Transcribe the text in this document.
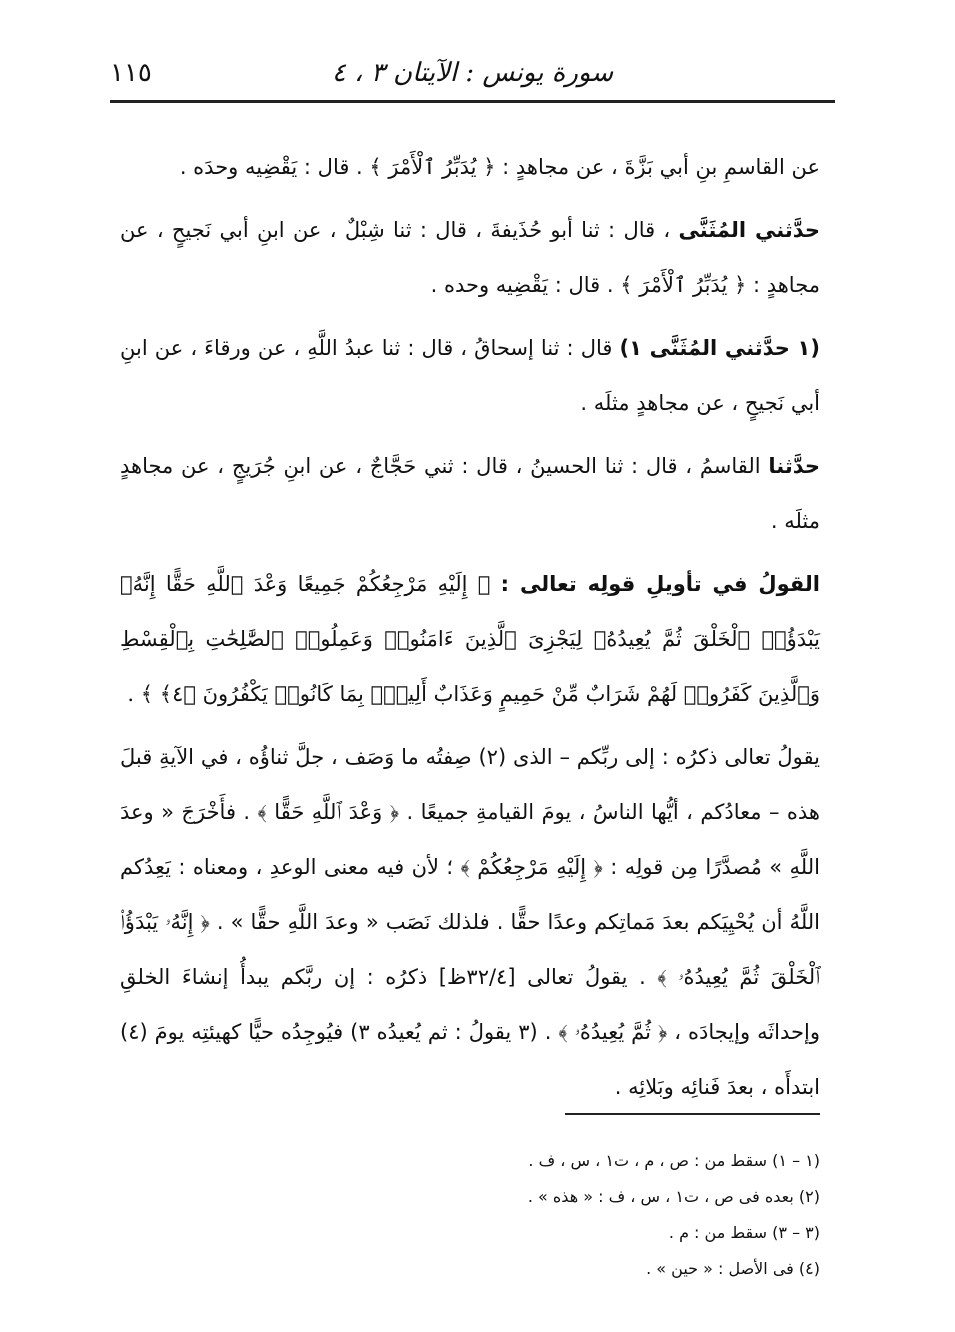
سورة يونس : الآيتان ٣ ، ٤
١١٥

عن القاسمِ بنِ أبي بَزَّةَ ، عن مجاهدٍ : ﴿ يُدَبِّرُ ٱلْأَمْرَ ﴾ . قال : يَقْضِيه وحدَه .

حدَّثني المُثَنَّى ، قال : ثنا أبو حُذَيفةَ ، قال : ثنا شِبْلٌ ، عن ابنِ أبي نَجيحٍ ، عن مجاهدٍ : ﴿ يُدَبِّرُ ٱلْأَمْرَ ﴾ . قال : يَقْضِيه وحده .

(١ حدَّثني المُثَنَّى ١) قال : ثنا إسحاقُ ، قال : ثنا عبدُ اللَّهِ ، عن ورقاءَ ، عن ابنِ أبي نَجيحٍ ، عن مجاهدٍ مثلَه .

حدَّثنا القاسمُ ، قال : ثنا الحسينُ ، قال : ثني حَجَّاجٌ ، عن ابنِ جُرَيجٍ ، عن مجاهدٍ مثلَه .

القولُ في تأويلِ قولِه تعالى : ﴿ إِلَيْهِ مَرْجِعُكُمْ جَمِيعًا وَعْدَ ٱللَّهِ حَقًّا إِنَّهُۥ يَبْدَؤُا۟ ٱلْخَلْقَ ثُمَّ يُعِيدُهُۥ لِيَجْزِىَ ٱلَّذِينَ ءَامَنُوا۟ وَعَمِلُوا۟ ٱلصَّٰلِحَٰتِ بِٱلْقِسْطِ وَٱلَّذِينَ كَفَرُوا۟ لَهُمْ شَرَابٌ مِّنْ حَمِيمٍ وَعَذَابٌ أَلِيمٌۢ بِمَا كَانُوا۟ يَكْفُرُونَ ﴿٤﴾ ﴾ .

يقولُ تعالى ذكرُه : إلى ربِّكم – الذى (٢) صِفتُه ما وَصَف ، جلَّ ثناؤُه ، في الآيةِ قبلَ هذه – معادُكم ، أيُّها الناسُ ، يومَ القيامةِ جميعًا . ﴿ وَعْدَ ٱللَّهِ حَقًّا ﴾ . فأَخْرَجَ « وعدَ اللَّهِ » مُصدَّرًا مِن قولِه : ﴿ إِلَيْهِ مَرْجِعُكُمْ ﴾ ؛ لأن فيه معنى الوعدِ ، ومعناه : يَعِدُكم اللَّهُ أن يُحْيِيَكم بعدَ مَماتِكم وعدًا حقًّا . فلذلك نَصَب « وعدَ اللَّهِ حقًّا » . ﴿ إِنَّهُۥ يَبْدَؤُا۟ ٱلْخَلْقَ ثُمَّ يُعِيدُهُۥ ﴾ . يقولُ تعالى [٣٢/٤ظ] ذكرُه : إن ربَّكم يبدأُ إنشاءَ الخلقِ وإحداثَه وإيجادَه ، ﴿ ثُمَّ يُعِيدُهُۥ ﴾ . (٣ يقولُ : ثم يُعيدُه ٣) فيُوجِدُه حيًّا كهيئتِه يومَ (٤) ابتدأَه ، بعدَ فَنائِه وبَلائِه .

(١ – ١) سقط من : ص ، م ، ت١ ، س ، ف .

(٢) بعده فى ص ، ت١ ، س ، ف : « هذه » .

(٣ – ٣) سقط من : م .

(٤) فى الأصل : « حين » .
